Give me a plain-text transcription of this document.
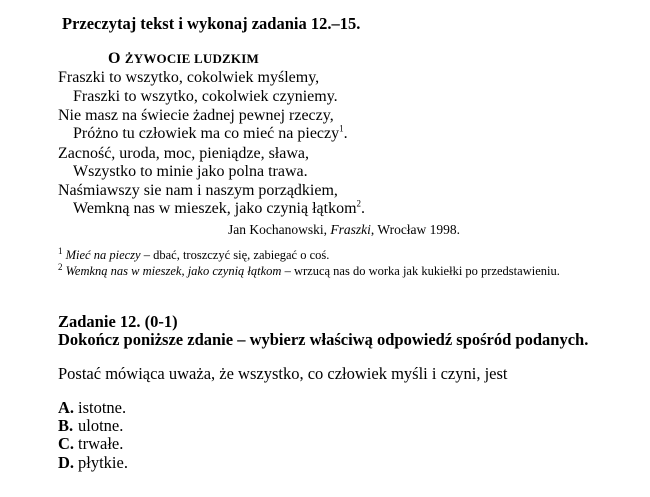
Przeczytaj tekst i wykonaj zadania 12.–15.
O ŻYWOCIE LUDZKIM
Fraszki to wszytko, cokolwiek myślemy,
Fraszki to wszytko, cokolwiek czyniemy.
Nie masz na świecie żadnej pewnej rzeczy,
Próżno tu człowiek ma co mieć na pieczy$^1$.
Zacność, uroda, moc, pieniądze, sława,
Wszystko to minie jako polna trawa.
Naśmiawszy sie nam i naszym porządkiem,
Wemkną nas w mieszek, jako czynią łątkom$^2$.
Jan Kochanowski, Fraszki, Wrocław 1998.
$^1$ Mieć na pieczy – dbać, troszczyć się, zabiegać o coś.
$^2$ Wemkną nas w mieszek, jako czynią łątkom – wrzucą nas do worka jak kukiełki po przedstawieniu.
Zadanie 12. (0-1)
Dokończ poniższe zdanie – wybierz właściwą odpowiedź spośród podanych.
Postać mówiąca uważa, że wszystko, co człowiek myśli i czyni, jest
A. istotne.
B. ulotne.
C. trwałe.
D. płytkie.
